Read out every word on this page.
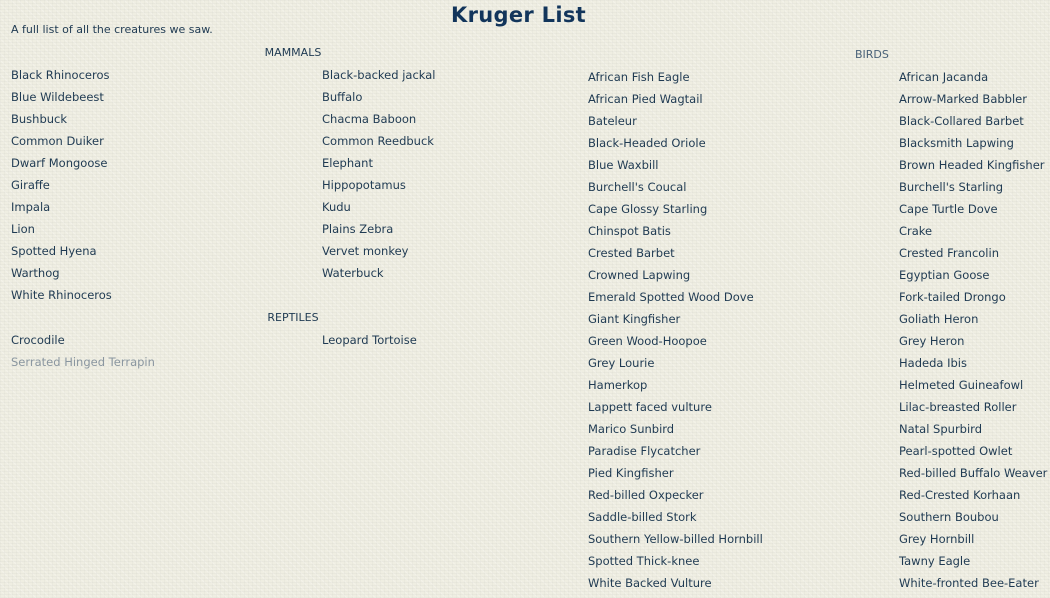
Kruger List

A full list of all the creatures we saw.

MAMMALS
Black Rhinoceros
Blue Wildebeest
Bushbuck
Common Duiker
Dwarf Mongoose
Giraffe
Impala
Lion
Spotted Hyena
Warthog
White Rhinoceros
Black-backed jackal
Buffalo
Chacma Baboon
Common Reedbuck
Elephant
Hippopotamus
Kudu
Plains Zebra
Vervet monkey
Waterbuck
REPTILES
Crocodile
Serrated Hinged Terrapin
Leopard Tortoise
BIRDS
African Fish Eagle
African Pied Wagtail
Bateleur
Black-Headed Oriole
Blue Waxbill
Burchell's Coucal
Cape Glossy Starling
Chinspot Batis
Crested Barbet
Crowned Lapwing
Emerald Spotted Wood Dove
Giant Kingfisher
Green Wood-Hoopoe
Grey Lourie
Hamerkop
Lappett faced vulture
Marico Sunbird
Paradise Flycatcher
Pied Kingfisher
Red-billed Oxpecker
Saddle-billed Stork
Southern Yellow-billed Hornbill
Spotted Thick-knee
White Backed Vulture
African Jacanda
Arrow-Marked Babbler
Black-Collared Barbet
Blacksmith Lapwing
Brown Headed Kingfisher
Burchell's Starling
Cape Turtle Dove
Crake
Crested Francolin
Egyptian Goose
Fork-tailed Drongo
Goliath Heron
Grey Heron
Hadeda Ibis
Helmeted Guineafowl
Lilac-breasted Roller
Natal Spurbird
Pearl-spotted Owlet
Red-billed Buffalo Weaver
Red-Crested Korhaan
Southern Boubou
Grey Hornbill
Tawny Eagle
White-fronted Bee-Eater
